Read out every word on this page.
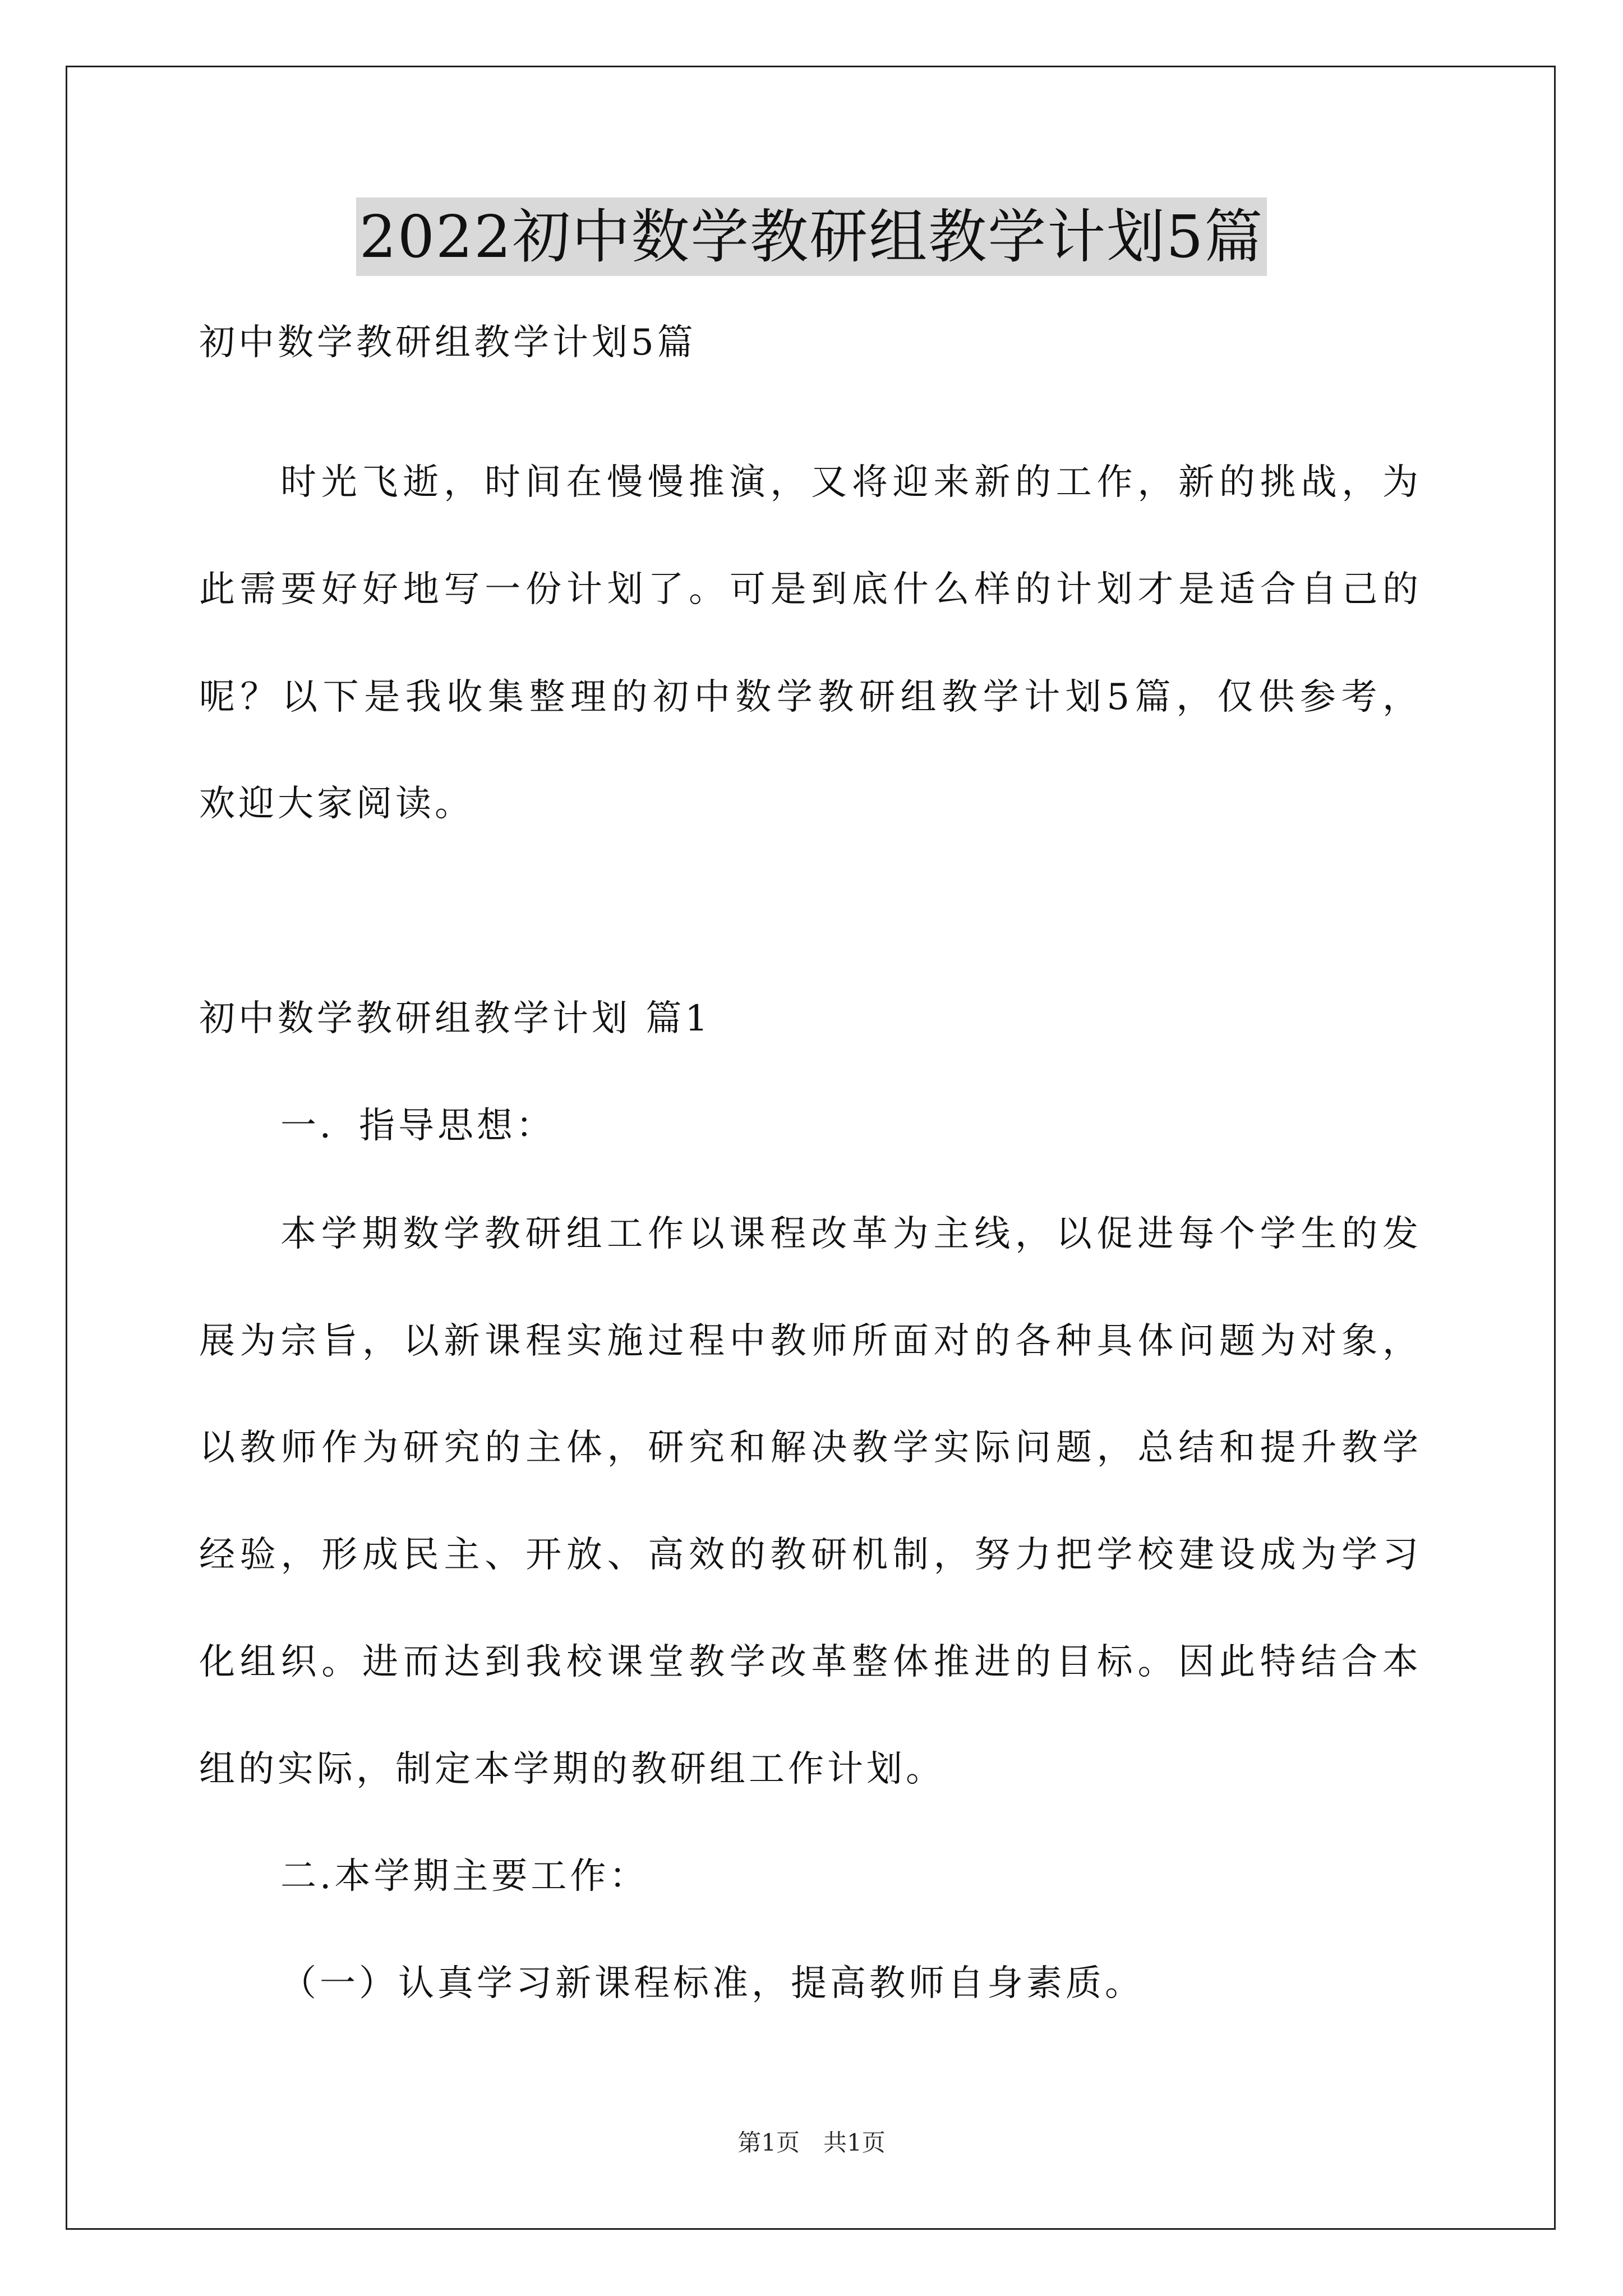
2022初中数学教研组教学计划5篇
初中数学教研组教学计划5篇
时光飞逝，时间在慢慢推演，又将迎来新的工作，新的挑战，为
此需要好好地写一份计划了。可是到底什么样的计划才是适合自己的
呢？以下是我收集整理的初中数学教研组教学计划5篇，仅供参考，
欢迎大家阅读。
初中数学教研组教学计划 篇1
一．指导思想：
本学期数学教研组工作以课程改革为主线，以促进每个学生的发
展为宗旨，以新课程实施过程中教师所面对的各种具体问题为对象，
以教师作为研究的主体，研究和解决教学实际问题，总结和提升教学
经验，形成民主、开放、高效的教研机制，努力把学校建设成为学习
化组织。进而达到我校课堂教学改革整体推进的目标。因此特结合本
组的实际，制定本学期的教研组工作计划。
二.本学期主要工作：
（一）认真学习新课程标准，提高教师自身素质。
第1页　共1页
